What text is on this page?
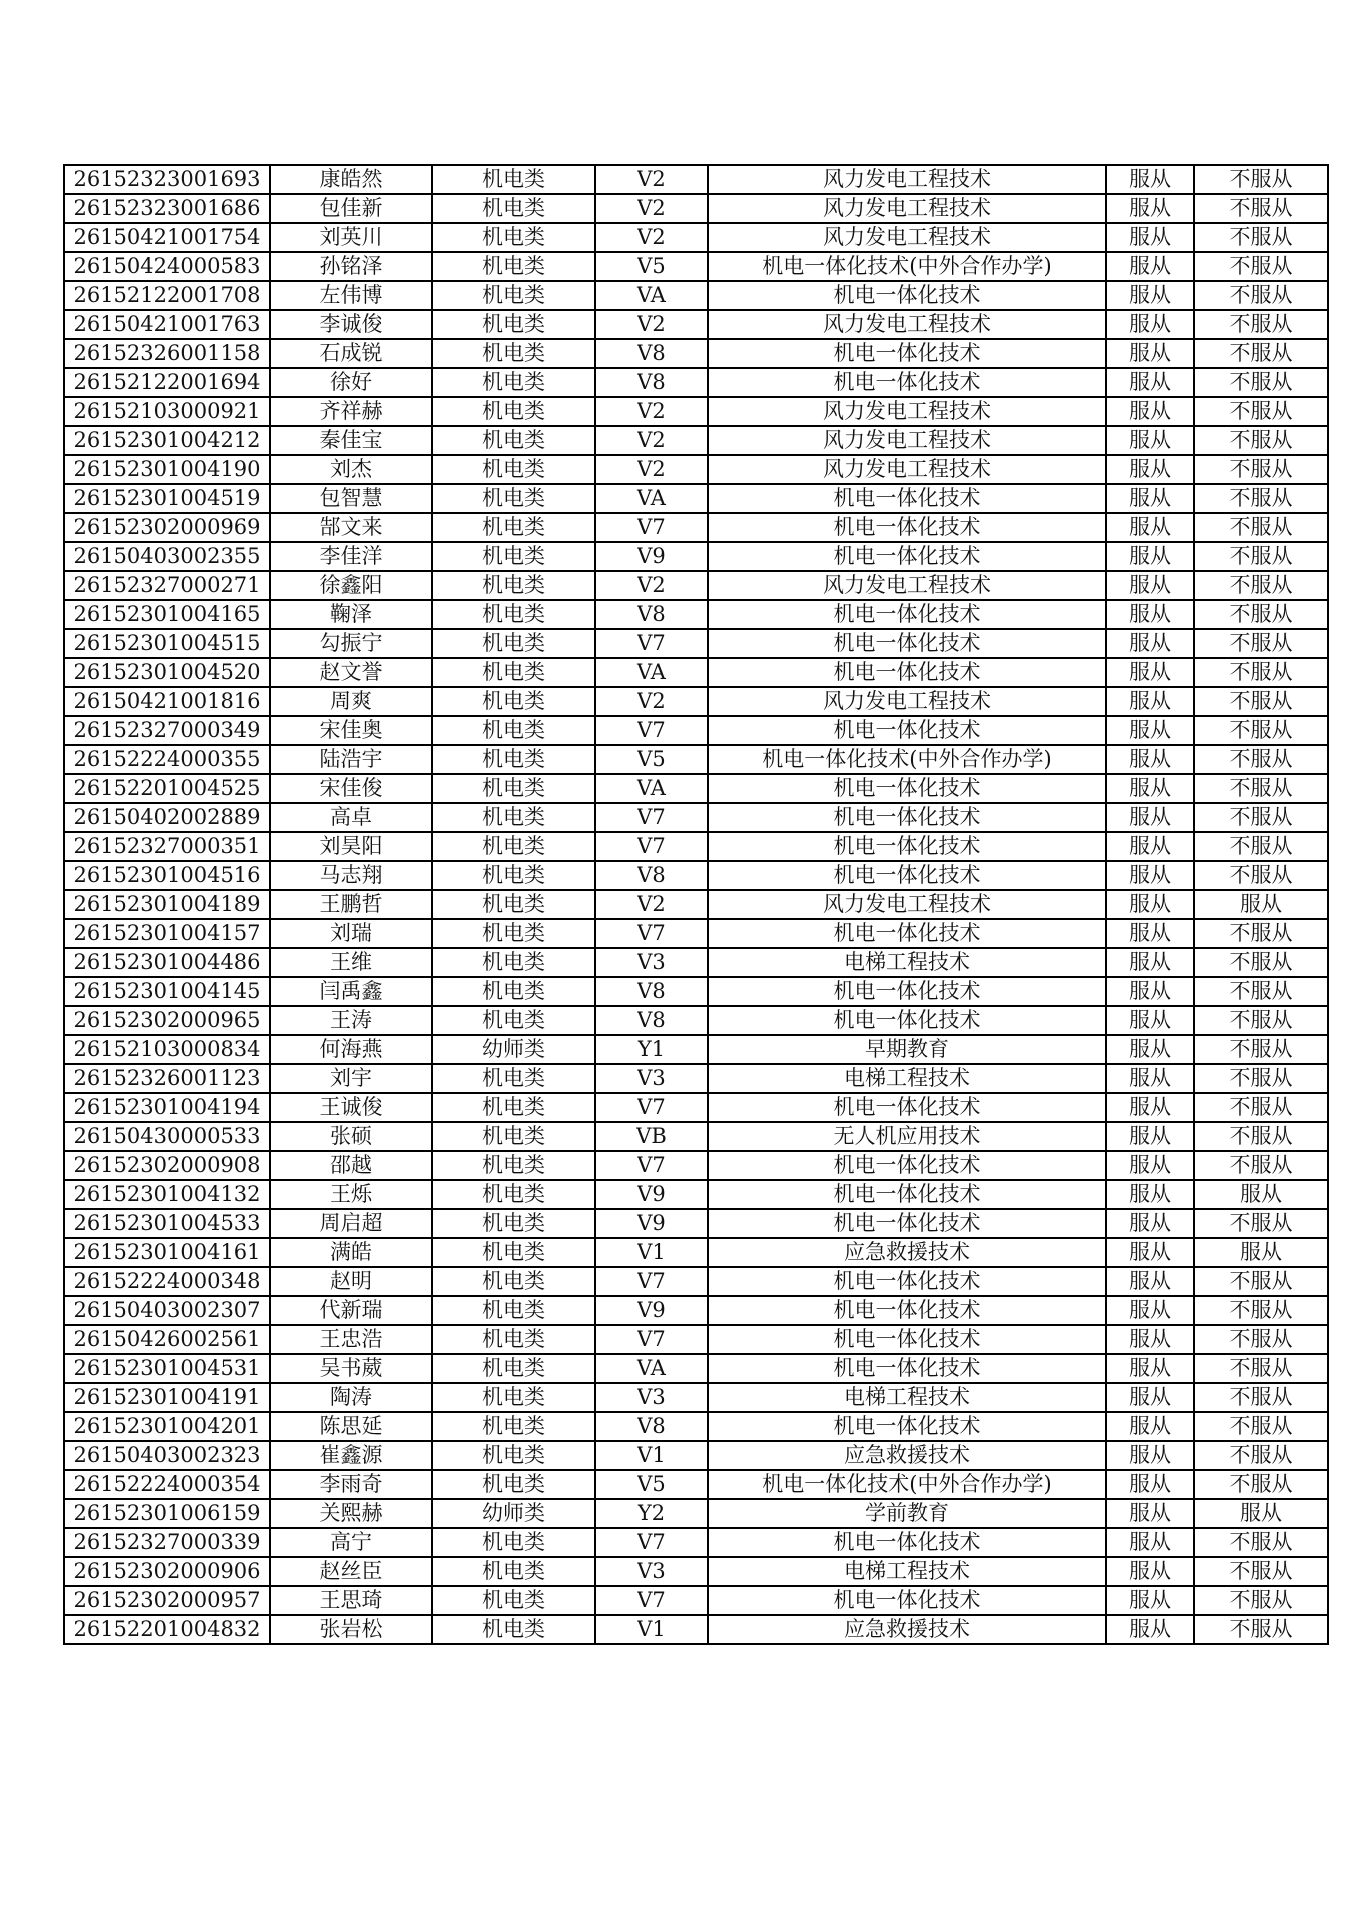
26152323001693	康皓然	机电类	V2	风力发电工程技术	服从	不服从
26152323001686	包佳新	机电类	V2	风力发电工程技术	服从	不服从
26150421001754	刘英川	机电类	V2	风力发电工程技术	服从	不服从
26150424000583	孙铭泽	机电类	V5	机电一体化技术(中外合作办学)	服从	不服从
26152122001708	左伟博	机电类	VA	机电一体化技术	服从	不服从
26150421001763	李诚俊	机电类	V2	风力发电工程技术	服从	不服从
26152326001158	石成锐	机电类	V8	机电一体化技术	服从	不服从
26152122001694	徐好	机电类	V8	机电一体化技术	服从	不服从
26152103000921	齐祥赫	机电类	V2	风力发电工程技术	服从	不服从
26152301004212	秦佳宝	机电类	V2	风力发电工程技术	服从	不服从
26152301004190	刘杰	机电类	V2	风力发电工程技术	服从	不服从
26152301004519	包智慧	机电类	VA	机电一体化技术	服从	不服从
26152302000969	郜文来	机电类	V7	机电一体化技术	服从	不服从
26150403002355	李佳洋	机电类	V9	机电一体化技术	服从	不服从
26152327000271	徐鑫阳	机电类	V2	风力发电工程技术	服从	不服从
26152301004165	鞠泽	机电类	V8	机电一体化技术	服从	不服从
26152301004515	勾振宁	机电类	V7	机电一体化技术	服从	不服从
26152301004520	赵文誉	机电类	VA	机电一体化技术	服从	不服从
26150421001816	周爽	机电类	V2	风力发电工程技术	服从	不服从
26152327000349	宋佳奥	机电类	V7	机电一体化技术	服从	不服从
26152224000355	陆浩宇	机电类	V5	机电一体化技术(中外合作办学)	服从	不服从
26152201004525	宋佳俊	机电类	VA	机电一体化技术	服从	不服从
26150402002889	高卓	机电类	V7	机电一体化技术	服从	不服从
26152327000351	刘昊阳	机电类	V7	机电一体化技术	服从	不服从
26152301004516	马志翔	机电类	V8	机电一体化技术	服从	不服从
26152301004189	王鹏哲	机电类	V2	风力发电工程技术	服从	服从
26152301004157	刘瑞	机电类	V7	机电一体化技术	服从	不服从
26152301004486	王维	机电类	V3	电梯工程技术	服从	不服从
26152301004145	闫禹鑫	机电类	V8	机电一体化技术	服从	不服从
26152302000965	王涛	机电类	V8	机电一体化技术	服从	不服从
26152103000834	何海燕	幼师类	Y1	早期教育	服从	不服从
26152326001123	刘宇	机电类	V3	电梯工程技术	服从	不服从
26152301004194	王诚俊	机电类	V7	机电一体化技术	服从	不服从
26150430000533	张硕	机电类	VB	无人机应用技术	服从	不服从
26152302000908	邵越	机电类	V7	机电一体化技术	服从	不服从
26152301004132	王烁	机电类	V9	机电一体化技术	服从	服从
26152301004533	周启超	机电类	V9	机电一体化技术	服从	不服从
26152301004161	满皓	机电类	V1	应急救援技术	服从	服从
26152224000348	赵明	机电类	V7	机电一体化技术	服从	不服从
26150403002307	代新瑞	机电类	V9	机电一体化技术	服从	不服从
26150426002561	王忠浩	机电类	V7	机电一体化技术	服从	不服从
26152301004531	吴书葳	机电类	VA	机电一体化技术	服从	不服从
26152301004191	陶涛	机电类	V3	电梯工程技术	服从	不服从
26152301004201	陈思延	机电类	V8	机电一体化技术	服从	不服从
26150403002323	崔鑫源	机电类	V1	应急救援技术	服从	不服从
26152224000354	李雨奇	机电类	V5	机电一体化技术(中外合作办学)	服从	不服从
26152301006159	关熙赫	幼师类	Y2	学前教育	服从	服从
26152327000339	高宁	机电类	V7	机电一体化技术	服从	不服从
26152302000906	赵丝臣	机电类	V3	电梯工程技术	服从	不服从
26152302000957	王思琦	机电类	V7	机电一体化技术	服从	不服从
26152201004832	张岩松	机电类	V1	应急救援技术	服从	不服从
